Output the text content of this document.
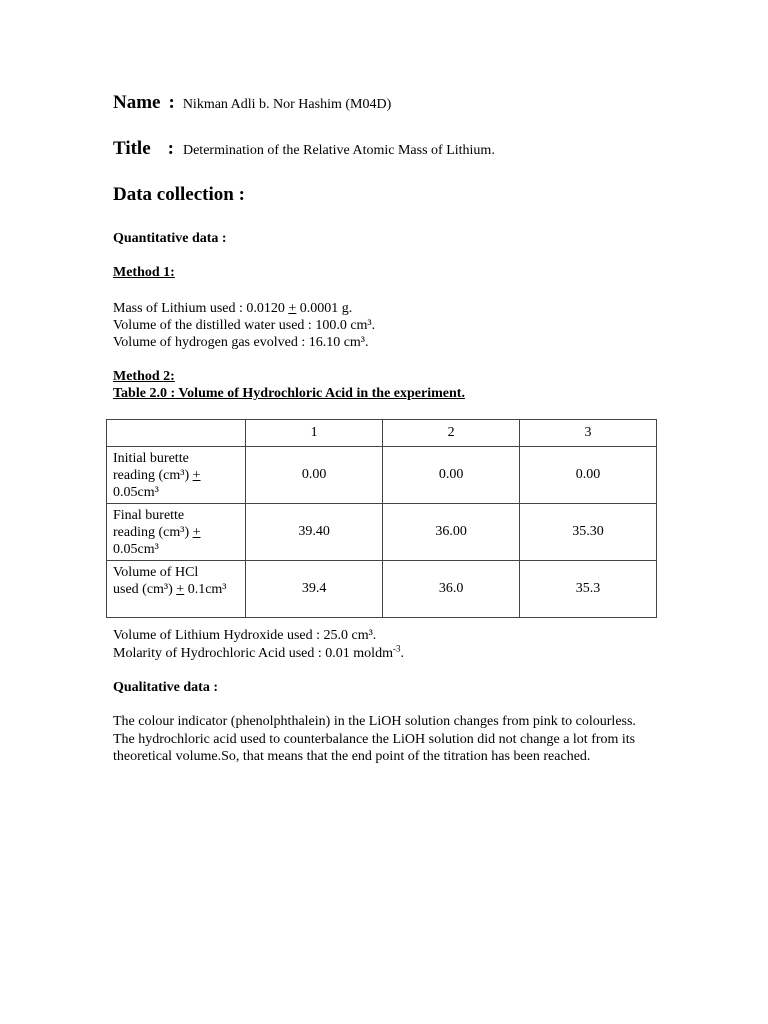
Name : Nikman Adli b. Nor Hashim (M04D)
Title : Determination of the Relative Atomic Mass of Lithium.
Data collection :
Quantitative data :
Method 1:
Mass of Lithium used : 0.0120 + 0.0001 g.
Volume of the distilled water used : 100.0 cm³.
Volume of hydrogen gas evolved : 16.10 cm³.
Method 2:
Table 2.0 : Volume of Hydrochloric Acid in the experiment.
	1	2	3
Initial burette
reading (cm³) +
0.05cm³	0.00	0.00	0.00
Final burette
reading (cm³) +
0.05cm³	39.40	36.00	35.30
Volume of HCl
used (cm³) + 0.1cm³	39.4	36.0	35.3
Volume of Lithium Hydroxide used : 25.0 cm³.
Molarity of Hydrochloric Acid used : 0.01 moldm$^{-3}$.
Qualitative data :
The colour indicator (phenolphthalein) in the LiOH solution changes from pink to colourless. The hydrochloric acid used to counterbalance the LiOH solution did not change a lot from its theoretical volume.So, that means that the end point of the titration has been reached.
